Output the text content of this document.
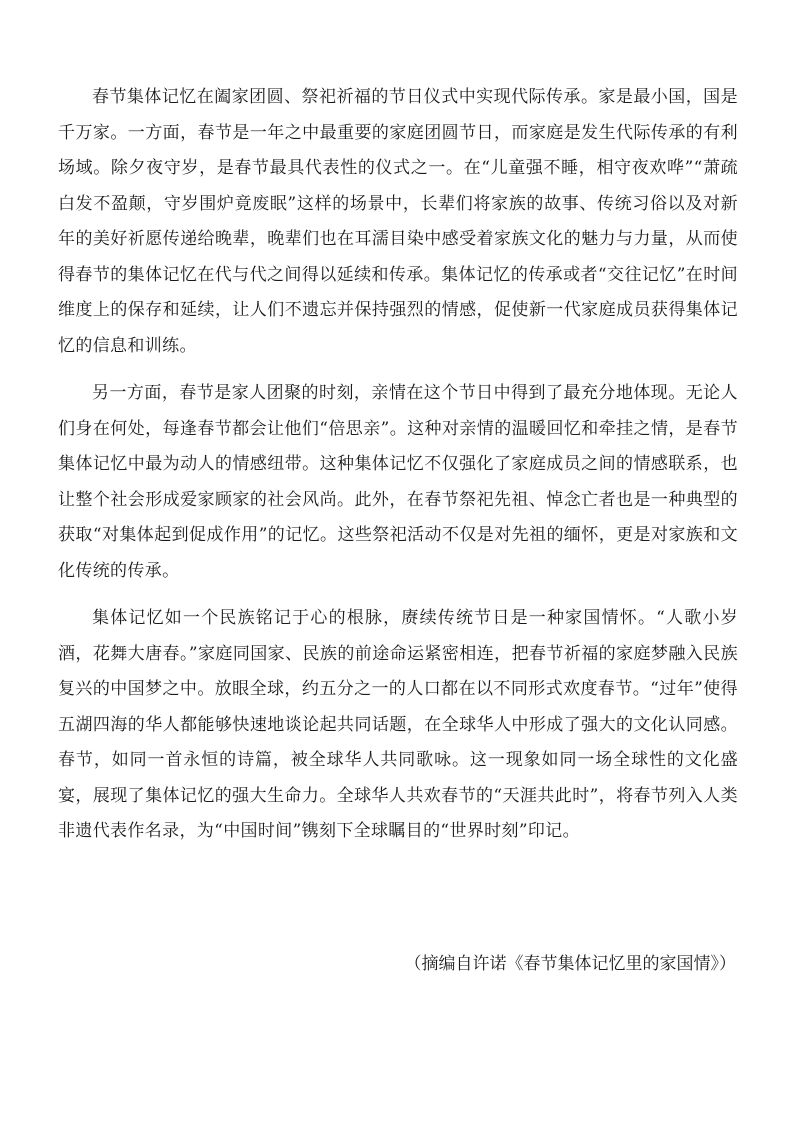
春节集体记忆在阖家团圆、祭祀祈福的节日仪式中实现代际传承。家是最小国，国是千万家。一方面，春节是一年之中最重要的家庭团圆节日，而家庭是发生代际传承的有利场域。除夕夜守岁，是春节最具代表性的仪式之一。在“儿童强不睡，相守夜欢哗”“萧疏白发不盈颠，守岁围炉竟废眠”这样的场景中，长辈们将家族的故事、传统习俗以及对新年的美好祈愿传递给晚辈，晚辈们也在耳濡目染中感受着家族文化的魅力与力量，从而使得春节的集体记忆在代与代之间得以延续和传承。集体记忆的传承或者“交往记忆”在时间维度上的保存和延续，让人们不遗忘并保持强烈的情感，促使新一代家庭成员获得集体记忆的信息和训练。

另一方面，春节是家人团聚的时刻，亲情在这个节日中得到了最充分地体现。无论人们身在何处，每逢春节都会让他们“倍思亲”。这种对亲情的温暖回忆和牵挂之情，是春节集体记忆中最为动人的情感纽带。这种集体记忆不仅强化了家庭成员之间的情感联系，也让整个社会形成爱家顾家的社会风尚。此外，在春节祭祀先祖、悼念亡者也是一种典型的获取“对集体起到促成作用”的记忆。这些祭祀活动不仅是对先祖的缅怀，更是对家族和文化传统的传承。

集体记忆如一个民族铭记于心的根脉，赓续传统节日是一种家国情怀。“人歌小岁酒，花舞大唐春。”家庭同国家、民族的前途命运紧密相连，把春节祈福的家庭梦融入民族复兴的中国梦之中。放眼全球，约五分之一的人口都在以不同形式欢度春节。“过年”使得五湖四海的华人都能够快速地谈论起共同话题，在全球华人中形成了强大的文化认同感。春节，如同一首永恒的诗篇，被全球华人共同歌咏。这一现象如同一场全球性的文化盛宴，展现了集体记忆的强大生命力。全球华人共欢春节的“天涯共此时”，将春节列入人类非遗代表作名录，为“中国时间”镌刻下全球瞩目的“世界时刻”印记。

（摘编自许诺《春节集体记忆里的家国情》）
